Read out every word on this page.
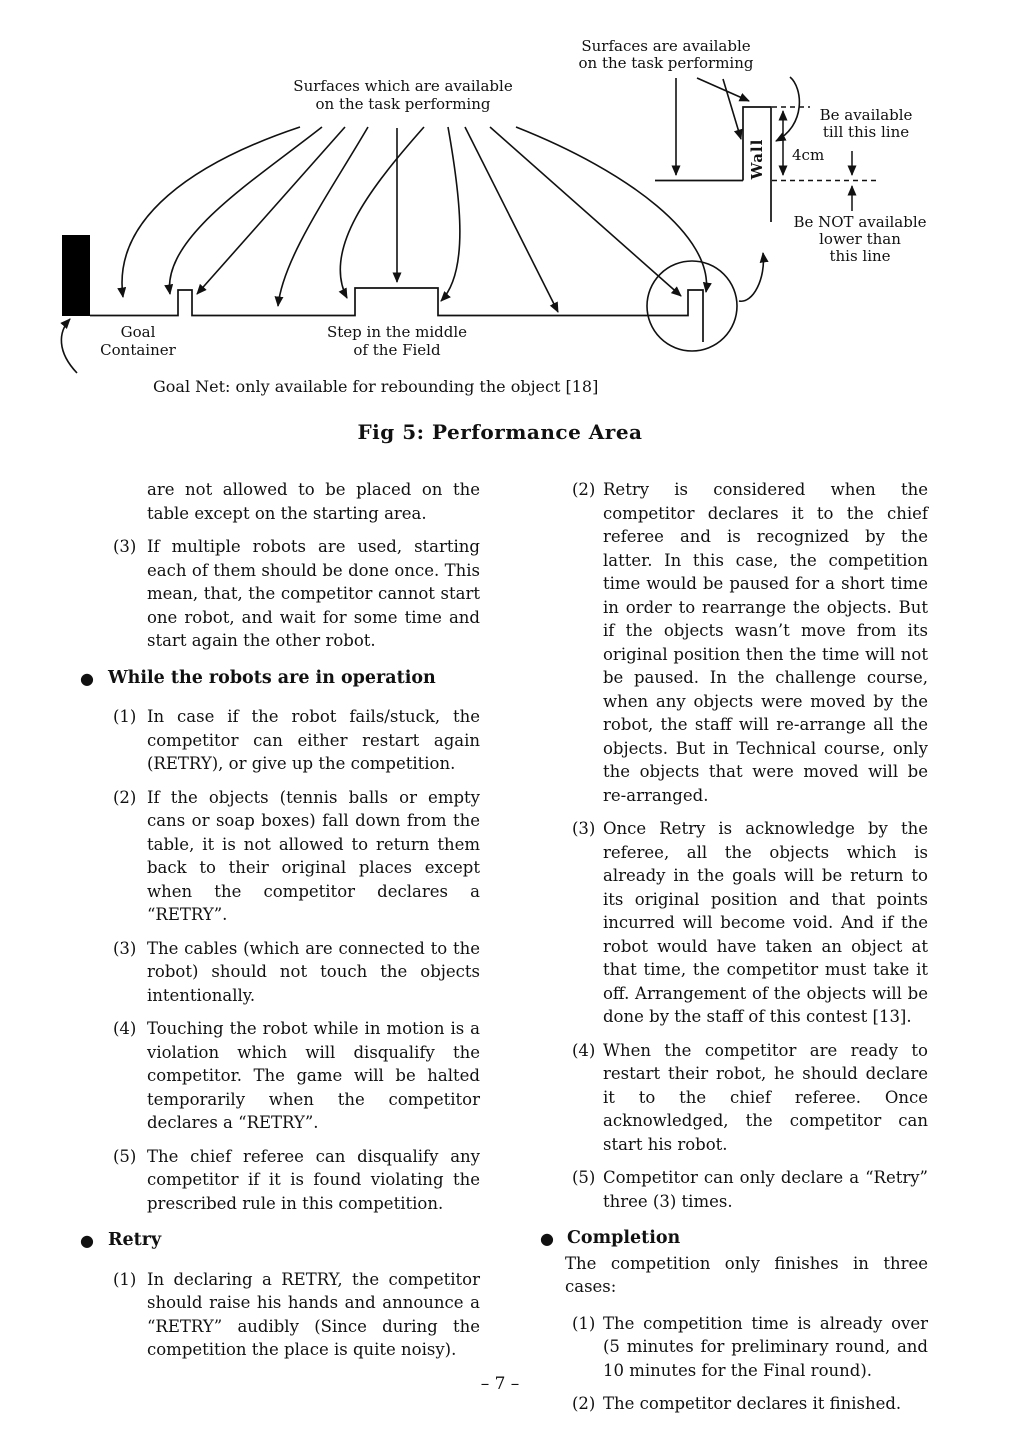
Surfaces which are available
on the task performing
Surfaces are available
on the task performing
Wall 4cm
Be available
till this line
Be NOT available
lower than
this line
Goal
Container
Step in the middle
of the Field
Goal Net: only available for rebounding the object [18]
Fig 5: Performance Area
are not allowed to be placed on the table except on the starting area.
(3) If multiple robots are used, starting each of them should be done once. This mean, that, the competitor cannot start one robot, and wait for some time and start again the other robot.
● While the robots are in operation
(1) In case if the robot fails/stuck, the competitor can either restart again (RETRY), or give up the competition.
(2) If the objects (tennis balls or empty cans or soap boxes) fall down from the table, it is not allowed to return them back to their original places except when the competitor declares a “RETRY”.
(3) The cables (which are connected to the robot) should not touch the objects intentionally.
(4) Touching the robot while in motion is a violation which will disqualify the competitor. The game will be halted temporarily when the competitor declares a “RETRY”.
(5) The chief referee can disqualify any competitor if it is found violating the prescribed rule in this competition.
● Retry
(1) In declaring a RETRY, the competitor should raise his hands and announce a “RETRY” audibly (Since during the competition the place is quite noisy).
(2) Retry is considered when the competitor declares it to the chief referee and is recognized by the latter. In this case, the competition time would be paused for a short time in order to rearrange the objects. But if the objects wasn’t move from its original position then the time will not be paused. In the challenge course, when any objects were moved by the robot, the staff will re-arrange all the objects. But in Technical course, only the objects that were moved will be re-arranged.
(3) Once Retry is acknowledge by the referee, all the objects which is already in the goals will be return to its original position and that points incurred will become void. And if the robot would have taken an object at that time, the competitor must take it off. Arrangement of the objects will be done by the staff of this contest [13].
(4) When the competitor are ready to restart their robot, he should declare it to the chief referee. Once acknowledged, the competitor can start his robot.
(5) Competitor can only declare a “Retry” three (3) times.
● Completion
The competition only finishes in three cases:
(1) The competition time is already over (5 minutes for preliminary round, and 10 minutes for the Final round).
(2) The competitor declares it finished.
– 7 –
